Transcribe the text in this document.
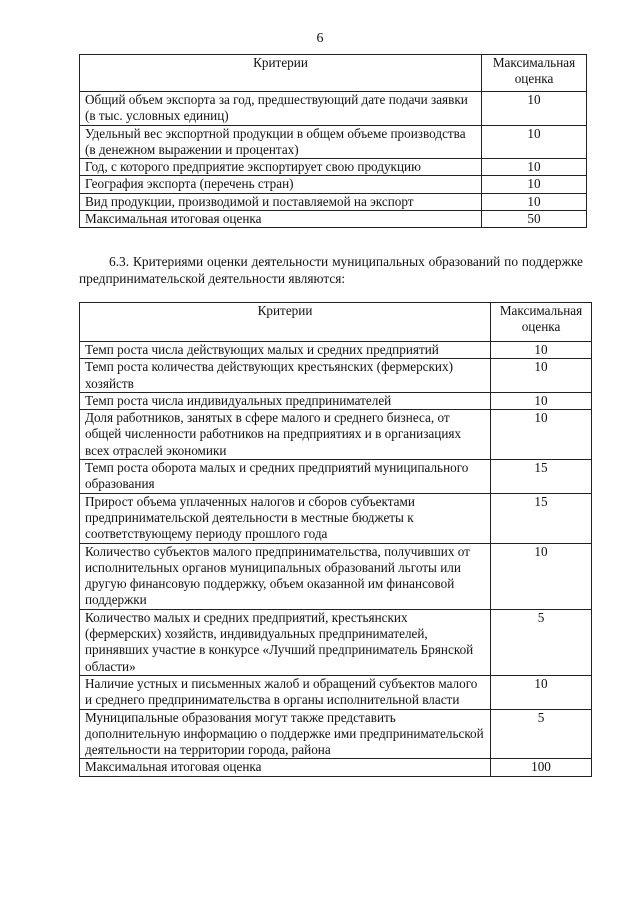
6
Критерии	Максимальная оценка
Общий объем экспорта за год, предшествующий дате подачи заявки (в тыс. условных единиц)	10
Удельный вес экспортной продукции в общем объеме производства (в денежном выражении и процентах)	10
Год, с которого предприятие экспортирует свою продукцию	10
География экспорта (перечень стран)	10
Вид продукции, производимой и поставляемой на экспорт	10
Максимальная итоговая оценка	50
6.3. Критериями оценки деятельности муниципальных образований по поддержке предпринимательской деятельности являются:
Критерии	Максимальная оценка
Темп роста числа действующих малых и средних предприятий	10
Темп роста количества действующих крестьянских (фермерских) хозяйств	10
Темп роста числа индивидуальных предпринимателей	10
Доля работников, занятых в сфере малого и среднего бизнеса, от общей численности работников на предприятиях и в организациях всех отраслей экономики	10
Темп роста оборота малых и средних предприятий муниципального образования	15
Прирост объема уплаченных налогов и сборов субъектами предпринимательской деятельности в местные бюджеты к соответствующему периоду прошлого года	15
Количество субъектов малого предпринимательства, получивших от исполнительных органов муниципальных образований льготы или другую финансовую поддержку, объем оказанной им финансовой поддержки	10
Количество малых и средних предприятий, крестьянских (фермерских) хозяйств, индивидуальных предпринимателей, принявших участие в конкурсе «Лучший предприниматель Брянской области»	5
Наличие устных и письменных жалоб и обращений субъектов малого и среднего предпринимательства в органы исполнительной власти	10
Муниципальные образования могут также представить дополнительную информацию о поддержке ими предпринимательской деятельности на территории города, района	5
Максимальная итоговая оценка	100
